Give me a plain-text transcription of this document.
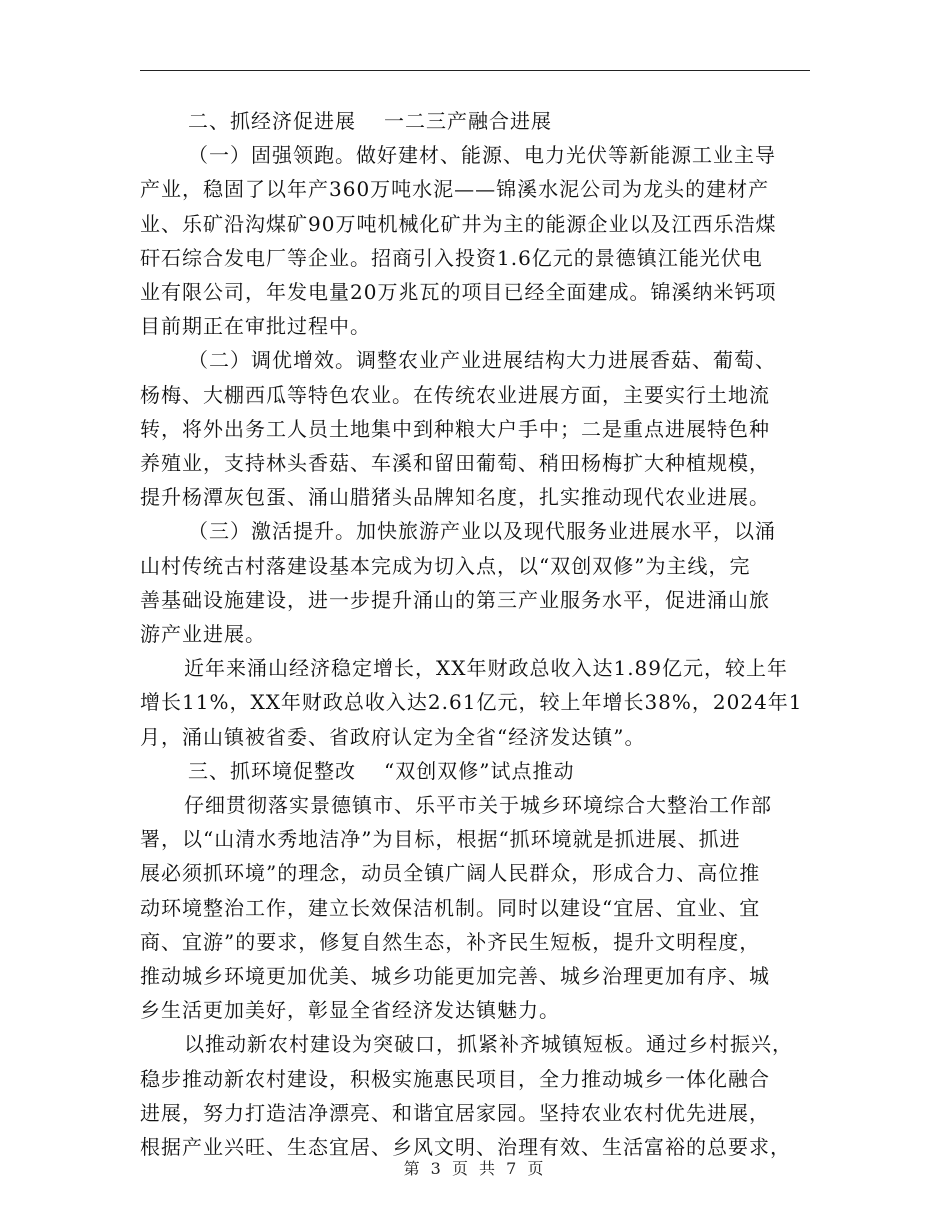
二、抓经济促进展 一二三产融合进展
（一）固强领跑。做好建材、能源、电力光伏等新能源工业主导
产业，稳固了以年产360万吨水泥——锦溪水泥公司为龙头的建材产
业、乐矿沿沟煤矿90万吨机械化矿井为主的能源企业以及江西乐浩煤
矸石综合发电厂等企业。招商引入投资1.6亿元的景德镇江能光伏电
业有限公司，年发电量20万兆瓦的项目已经全面建成。锦溪纳米钙项
目前期正在审批过程中。
（二）调优增效。调整农业产业进展结构大力进展香菇、葡萄、
杨梅、大棚西瓜等特色农业。在传统农业进展方面，主要实行土地流
转，将外出务工人员土地集中到种粮大户手中；二是重点进展特色种
养殖业，支持林头香菇、车溪和留田葡萄、稍田杨梅扩大种植规模，
提升杨潭灰包蛋、涌山腊猪头品牌知名度，扎实推动现代农业进展。
（三）激活提升。加快旅游产业以及现代服务业进展水平，以涌
山村传统古村落建设基本完成为切入点，以“双创双修”为主线，完
善基础设施建设，进一步提升涌山的第三产业服务水平，促进涌山旅
游产业进展。
近年来涌山经济稳定增长，XX年财政总收入达1.89亿元，较上年
增长11%，XX年财政总收入达2.61亿元，较上年增长38%，2024年1
月，涌山镇被省委、省政府认定为全省“经济发达镇”。
三、抓环境促整改 “双创双修”试点推动
仔细贯彻落实景德镇市、乐平市关于城乡环境综合大整治工作部
署，以“山清水秀地洁净”为目标，根据“抓环境就是抓进展、抓进
展必须抓环境”的理念，动员全镇广阔人民群众，形成合力、高位推
动环境整治工作，建立长效保洁机制。同时以建设“宜居、宜业、宜
商、宜游”的要求，修复自然生态，补齐民生短板，提升文明程度，
推动城乡环境更加优美、城乡功能更加完善、城乡治理更加有序、城
乡生活更加美好，彰显全省经济发达镇魅力。
以推动新农村建设为突破口，抓紧补齐城镇短板。通过乡村振兴，
稳步推动新农村建设，积极实施惠民项目，全力推动城乡一体化融合
进展，努力打造洁净漂亮、和谐宜居家园。坚持农业农村优先进展，
根据产业兴旺、生态宜居、乡风文明、治理有效、生活富裕的总要求，
第 3 页 共 7 页
